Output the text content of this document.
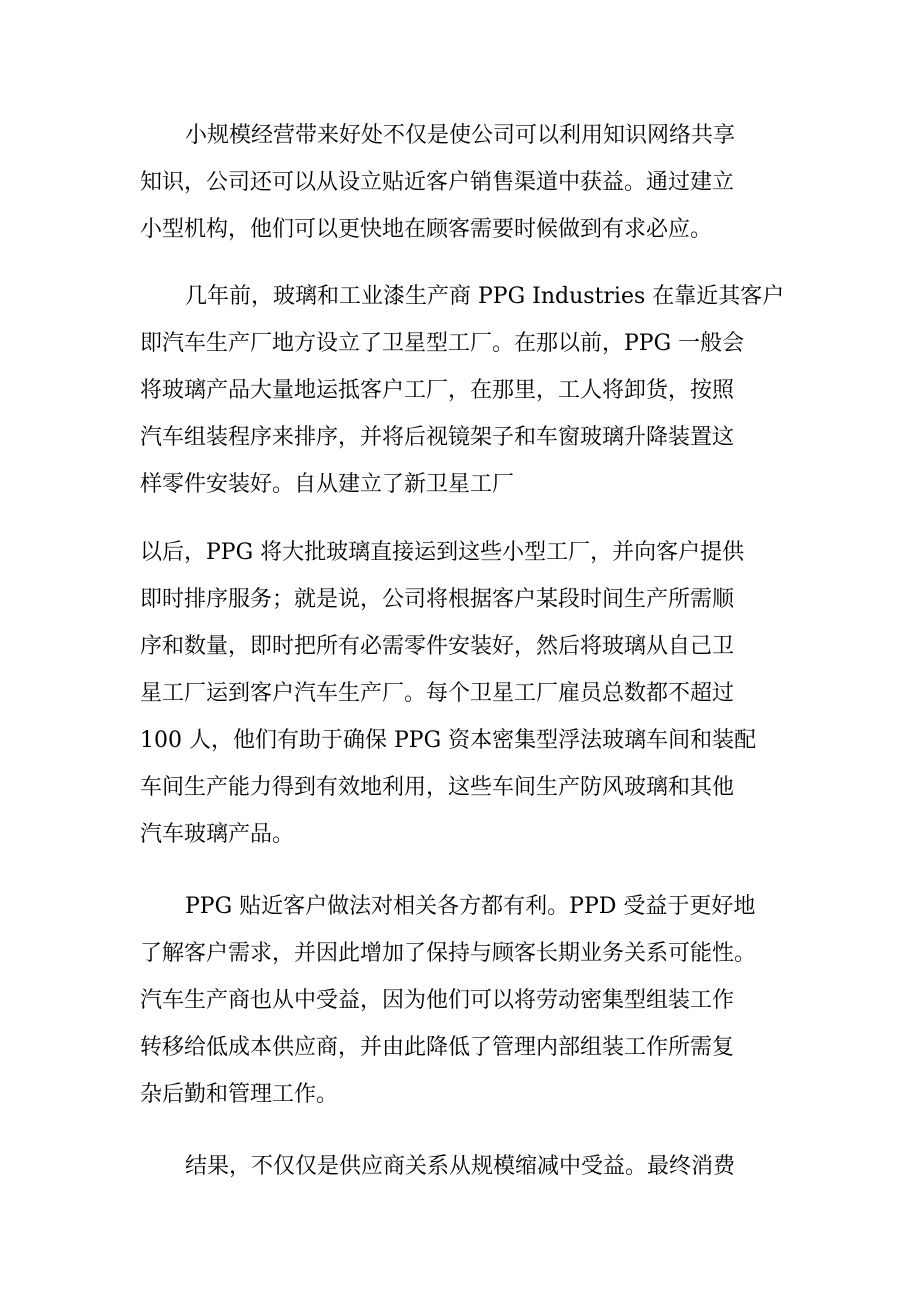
小规模经营带来好处不仅是使公司可以利用知识网络共享
知识，公司还可以从设立贴近客户销售渠道中获益。通过建立
小型机构，他们可以更快地在顾客需要时候做到有求必应。
几年前，玻璃和工业漆生产商 PPG Industries 在靠近其客户
即汽车生产厂地方设立了卫星型工厂。在那以前，PPG 一般会
将玻璃产品大量地运抵客户工厂，在那里，工人将卸货，按照
汽车组装程序来排序，并将后视镜架子和车窗玻璃升降装置这
样零件安装好。自从建立了新卫星工厂
以后，PPG 将大批玻璃直接运到这些小型工厂，并向客户提供
即时排序服务；就是说，公司将根据客户某段时间生产所需顺
序和数量，即时把所有必需零件安装好，然后将玻璃从自己卫
星工厂运到客户汽车生产厂。每个卫星工厂雇员总数都不超过
100 人，他们有助于确保 PPG 资本密集型浮法玻璃车间和装配
车间生产能力得到有效地利用，这些车间生产防风玻璃和其他
汽车玻璃产品。
PPG 贴近客户做法对相关各方都有利。PPD 受益于更好地
了解客户需求，并因此增加了保持与顾客长期业务关系可能性。
汽车生产商也从中受益，因为他们可以将劳动密集型组装工作
转移给低成本供应商，并由此降低了管理内部组装工作所需复
杂后勤和管理工作。
结果，不仅仅是供应商关系从规模缩减中受益。最终消费
